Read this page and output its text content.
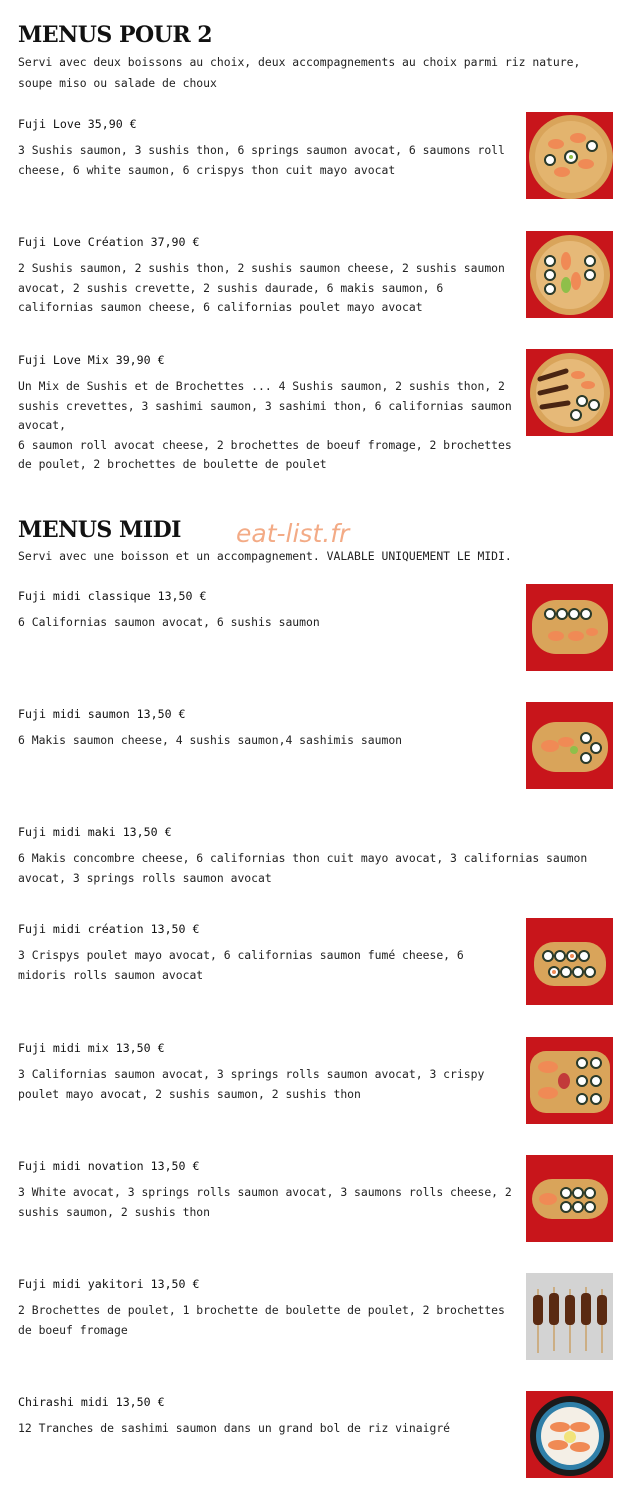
MENUS POUR 2
Servi avec deux boissons au choix, deux accompagnements au choix parmi riz nature, soupe miso ou salade de choux
Fuji Love 35,90 €
3 Sushis saumon, 3 sushis thon, 6 springs saumon avocat, 6 saumons roll cheese, 6 white saumon, 6 crispys thon cuit mayo avocat
Fuji Love Création 37,90 €
2 Sushis saumon, 2 sushis thon, 2 sushis saumon cheese, 2 sushis saumon avocat, 2 sushis crevette, 2 sushis daurade, 6 makis saumon, 6 californias saumon cheese, 6 californias poulet mayo avocat
Fuji Love Mix 39,90 €
Un Mix de Sushis et de Brochettes ... 4 Sushis saumon, 2 sushis thon, 2 sushis crevettes, 3 sashimi saumon, 3 sashimi thon, 6 californias saumon avocat,
6 saumon roll avocat cheese, 2 brochettes de boeuf fromage, 2 brochettes de poulet, 2 brochettes de boulette de poulet
MENUS MIDI eat-list.fr
Servi avec une boisson et un accompagnement. VALABLE UNIQUEMENT LE MIDI.
Fuji midi classique 13,50 €
6 Californias saumon avocat, 6 sushis saumon
Fuji midi saumon 13,50 €
6 Makis saumon cheese, 4 sushis saumon,4 sashimis saumon
Fuji midi maki 13,50 €
6 Makis concombre cheese, 6 californias thon cuit mayo avocat, 3 californias saumon avocat, 3 springs rolls saumon avocat
Fuji midi création 13,50 €
3 Crispys poulet mayo avocat, 6 californias saumon fumé cheese, 6 midoris rolls saumon avocat
Fuji midi mix 13,50 €
3 Californias saumon avocat, 3 springs rolls saumon avocat, 3 crispy poulet mayo avocat, 2 sushis saumon, 2 sushis thon
Fuji midi novation 13,50 €
3 White avocat, 3 springs rolls saumon avocat, 3 saumons rolls cheese, 2 sushis saumon, 2 sushis thon
Fuji midi yakitori 13,50 €
2 Brochettes de poulet, 1 brochette de boulette de poulet, 2 brochettes de boeuf fromage
Chirashi midi 13,50 €
12 Tranches de sashimi saumon dans un grand bol de riz vinaigré
